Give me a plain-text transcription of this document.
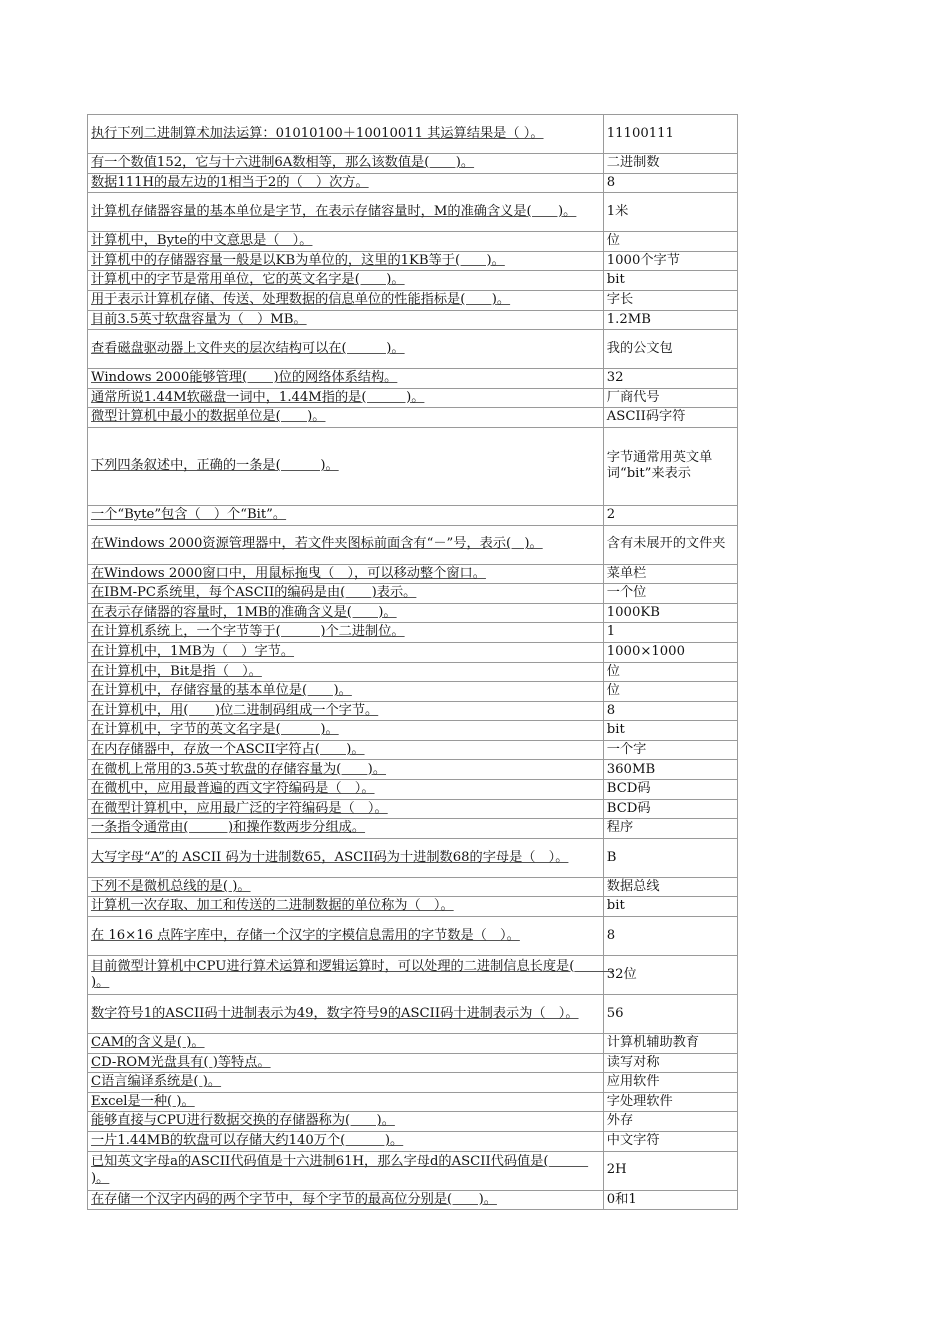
执行下列二进制算术加法运算：01010100＋10010011 其运算结果是（ ）。	11100111
有一个数值152，它与十六进制6A数相等，那么该数值是(　　)。	二进制数
数据111H的最左边的1相当于2的（　）次方。	8
计算机存储器容量的基本单位是字节，在表示存储容量时，M的准确含义是(　　)。	1米
计算机中，Byte的中文意思是（　）。	位
计算机中的存储器容量一般是以KB为单位的，这里的1KB等于(　　)。	1000个字节
计算机中的字节是常用单位，它的英文名字是(　　)。	bit
用于表示计算机存储、传送、处理数据的信息单位的性能指标是(　　)。	字长
目前3.5英寸软盘容量为（　）MB。	1.2MB
查看磁盘驱动器上文件夹的层次结构可以在(　　　)。	我的公文包
Windows 2000能够管理(　　)位的网络体系结构。	32
通常所说1.44M软磁盘一词中，1.44M指的是(　　　)。	厂商代号
微型计算机中最小的数据单位是(　　)。	ASCII码字符
下列四条叙述中，正确的一条是(　　　)。	字节通常用英文单词“bit”来表示
一个“Byte”包含（　）个“Bit”。	2
在Windows 2000资源管理器中，若文件夹图标前面含有“－”号，表示(　)。	含有未展开的文件夹
在Windows 2000窗口中，用鼠标拖曳（　），可以移动整个窗口。	菜单栏
在IBM-PC系统里，每个ASCII的编码是由(　　)表示。	一个位
在表示存储器的容量时，1MB的准确含义是(　　)。	1000KB
在计算机系统上，一个字节等于(　　　)个二进制位。	1
在计算机中，1MB为（　）字节。	1000×1000
在计算机中，Bit是指（　）。	位
在计算机中，存储容量的基本单位是(　　)。	位
在计算机中，用(　　)位二进制码组成一个字节。	8
在计算机中，字节的英文名字是(　　　)。	bit
在内存储器中，存放一个ASCII字符占(　　)。	一个字
在微机上常用的3.5英寸软盘的存储容量为(　　)。	360MB
在微机中，应用最普遍的西文字符编码是（　）。	BCD码
在微型计算机中，应用最广泛的字符编码是（　）。	BCD码
一条指令通常由(　　　)和操作数两步分组成。	程序
大写字母“A”的 ASCII 码为十进制数65，ASCII码为十进制数68的字母是（　）。	B
下列不是微机总线的是( )。	数据总线
计算机一次存取、加工和传送的二进制数据的单位称为（　）。	bit
在 16×16 点阵字库中，存储一个汉字的字模信息需用的字节数是（　）。	8
目前微型计算机中CPU进行算术运算和逻辑运算时，可以处理的二进制信息长度是(　　　)。	32位
数字符号1的ASCII码十进制表示为49，数字符号9的ASCII码十进制表示为（　）。	56
CAM的含义是( )。	计算机辅助教育
CD-ROM光盘具有( )等特点。	读写对称
C语言编译系统是( )。	应用软件
Excel是一种( )。	字处理软件
能够直接与CPU进行数据交换的存储器称为(　　)。	外存
一片1.44MB的软盘可以存储大约140万个(　　　)。	中文字符
已知英文字母a的ASCII代码值是十六进制61H，那么字母d的ASCII代码值是(　　　)。	2H
在存储一个汉字内码的两个字节中，每个字节的最高位分别是(　　)。	0和1
